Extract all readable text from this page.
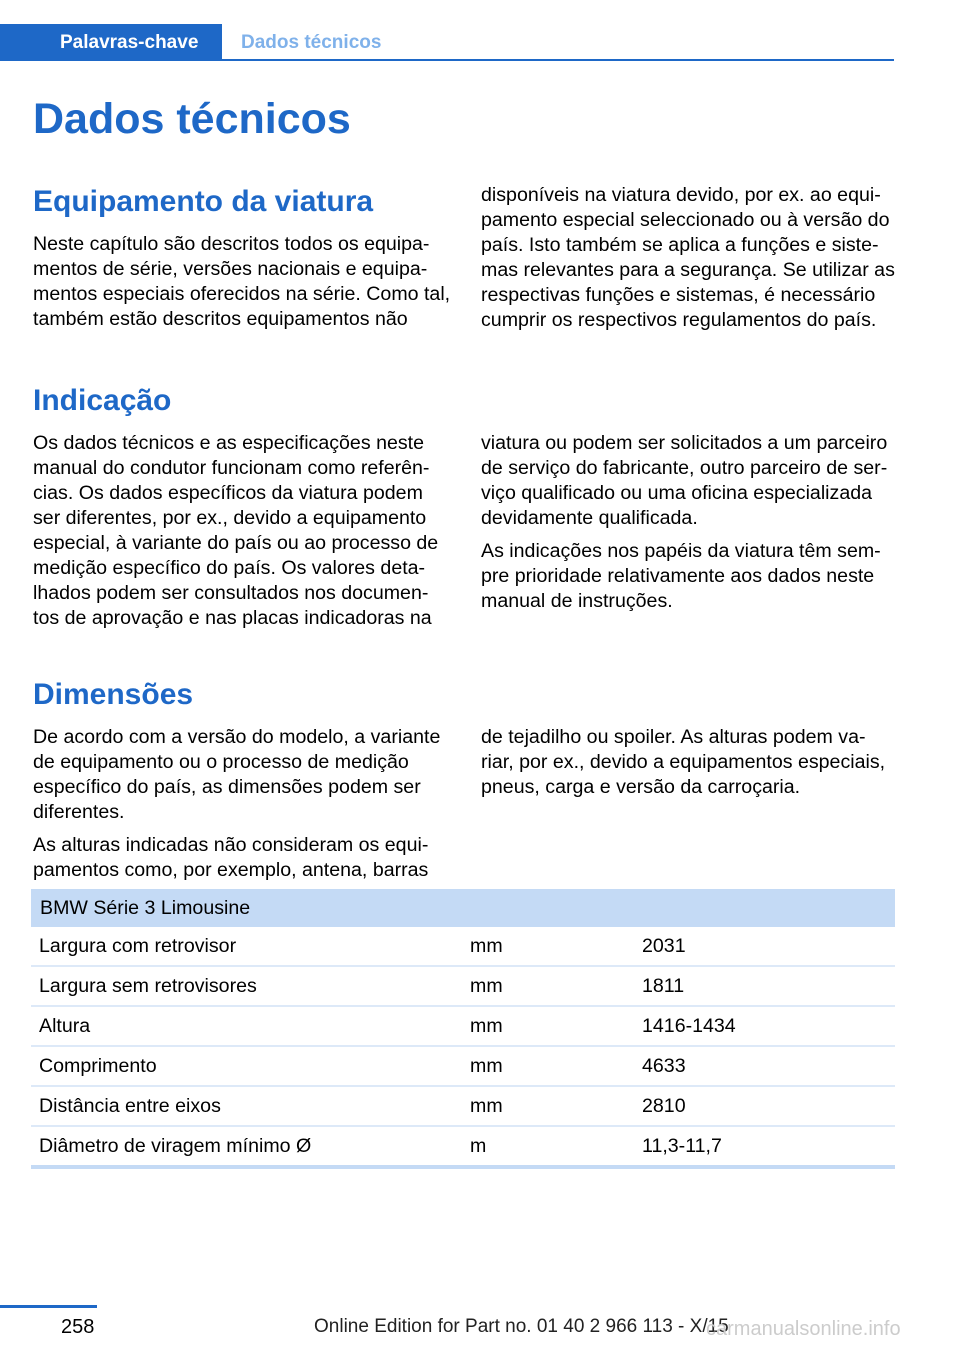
Palavras-chave	Dados técnicos
Dados técnicos
Equipamento da viatura

Neste capítulo são descritos todos os equipa-mentos de série, versões nacionais e equipa-mentos especiais oferecidos na série. Como tal, também estão descritos equipamentos não

disponíveis na viatura devido, por ex. ao equi-pamento especial seleccionado ou à versão do país. Isto também se aplica a funções e siste-mas relevantes para a segurança. Se utilizar as respectivas funções e sistemas, é necessário cumprir os respectivos regulamentos do país.

Indicação

Os dados técnicos e as especificações neste manual do condutor funcionam como referên-cias. Os dados específicos da viatura podem ser diferentes, por ex., devido a equipamento especial, à variante do país ou ao processo de medição específico do país. Os valores deta-lhados podem ser consultados nos documen-tos de aprovação e nas placas indicadoras na

viatura ou podem ser solicitados a um parceiro de serviço do fabricante, outro parceiro de ser-viço qualificado ou uma oficina especializada devidamente qualificada.

As indicações nos papéis da viatura têm sem-pre prioridade relativamente aos dados neste manual de instruções.

Dimensões

De acordo com a versão do modelo, a variante de equipamento ou o processo de medição específico do país, as dimensões podem ser diferentes.

As alturas indicadas não consideram os equi-pamentos como, por exemplo, antena, barras

de tejadilho ou spoiler. As alturas podem va-riar, por ex., devido a equipamentos especiais, pneus, carga e versão da carroçaria.

BMW Série 3 Limousine		
Largura com retrovisor	mm	2031
Largura sem retrovisores	mm	1811
Altura	mm	1416-1434
Comprimento	mm	4633
Distância entre eixos	mm	2810
Diâmetro de viragem mínimo Ø	m	11,3-11,7
258	Online Edition for Part no. 01 40 2 966 113 - X/15
carmanualsonline.info
